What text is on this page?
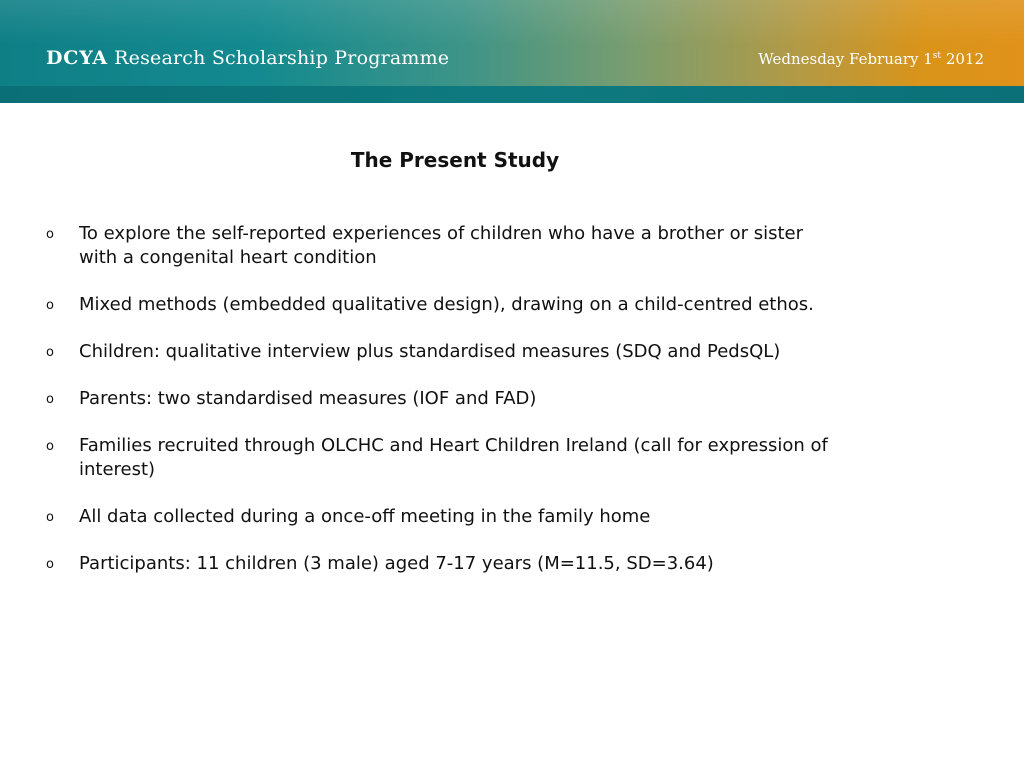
DCYA Research Scholarship Programme	Wednesday February 1st 2012
The Present Study
o To explore the self-reported experiences of children who have a brother or sister with a congenital heart condition
o Mixed methods (embedded qualitative design), drawing on a child-centred ethos.
o Children: qualitative interview plus standardised measures (SDQ and PedsQL)
o Parents: two standardised measures (IOF and FAD)
o Families recruited through OLCHC and Heart Children Ireland (call for expression of interest)
o All data collected during a once-off meeting in the family home
o Participants: 11 children (3 male) aged 7-17 years (M=11.5, SD=3.64)
